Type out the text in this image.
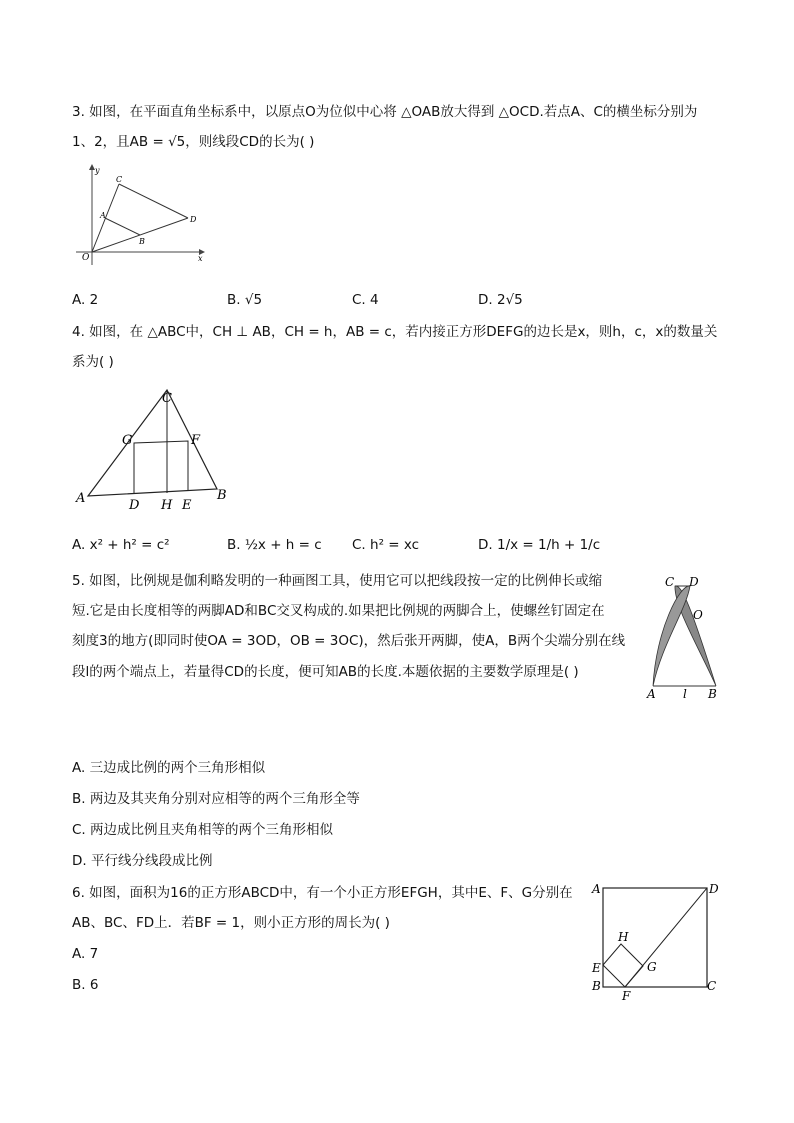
3. 如图，在平面直角坐标系中，以原点O为位似中心将 △OAB放大得到 △OCD.若点A、C的横坐标分别为
1、2，且AB = √5，则线段CD的长为( )
y
x
O
A
B
C
D
A. 2	B. √5	C. 4	D. 2√5
4. 如图，在 △ABC中，CH ⊥ AB，CH = h，AB = c，若内接正方形DEFG的边长是x，则h，c，x的数量关
系为( )
C
G	F
A	B
D H E
A. x² + h² = c²	B. ½x + h = c C. h² = xc	D. 1/x = 1/h + 1/c
5. 如图，比例规是伽利略发明的一种画图工具，使用它可以把线段按一定的比例伸长或缩
短.它是由长度相等的两脚AD和BC交叉构成的.如果把比例规的两脚合上，使螺丝钉固定在
刻度3的地方(即同时使OA = 3OD，OB = 3OC)，然后张开两脚，使A，B两个尖端分别在线
段l的两个端点上，若量得CD的长度，便可知AB的长度.本题依据的主要数学原理是( )
C D
O
A l B
A. 三边成比例的两个三角形相似
B. 两边及其夹角分别对应相等的两个三角形全等
C. 两边成比例且夹角相等的两个三角形相似
D. 平行线分线段成比例
6. 如图，面积为16的正方形ABCD中，有一个小正方形EFGH，其中E、F、G分别在
AB、BC、FD上．若BF = 1，则小正方形的周长为( )
A	D
H
E	G
B
F
C
A. 7
B. 6
